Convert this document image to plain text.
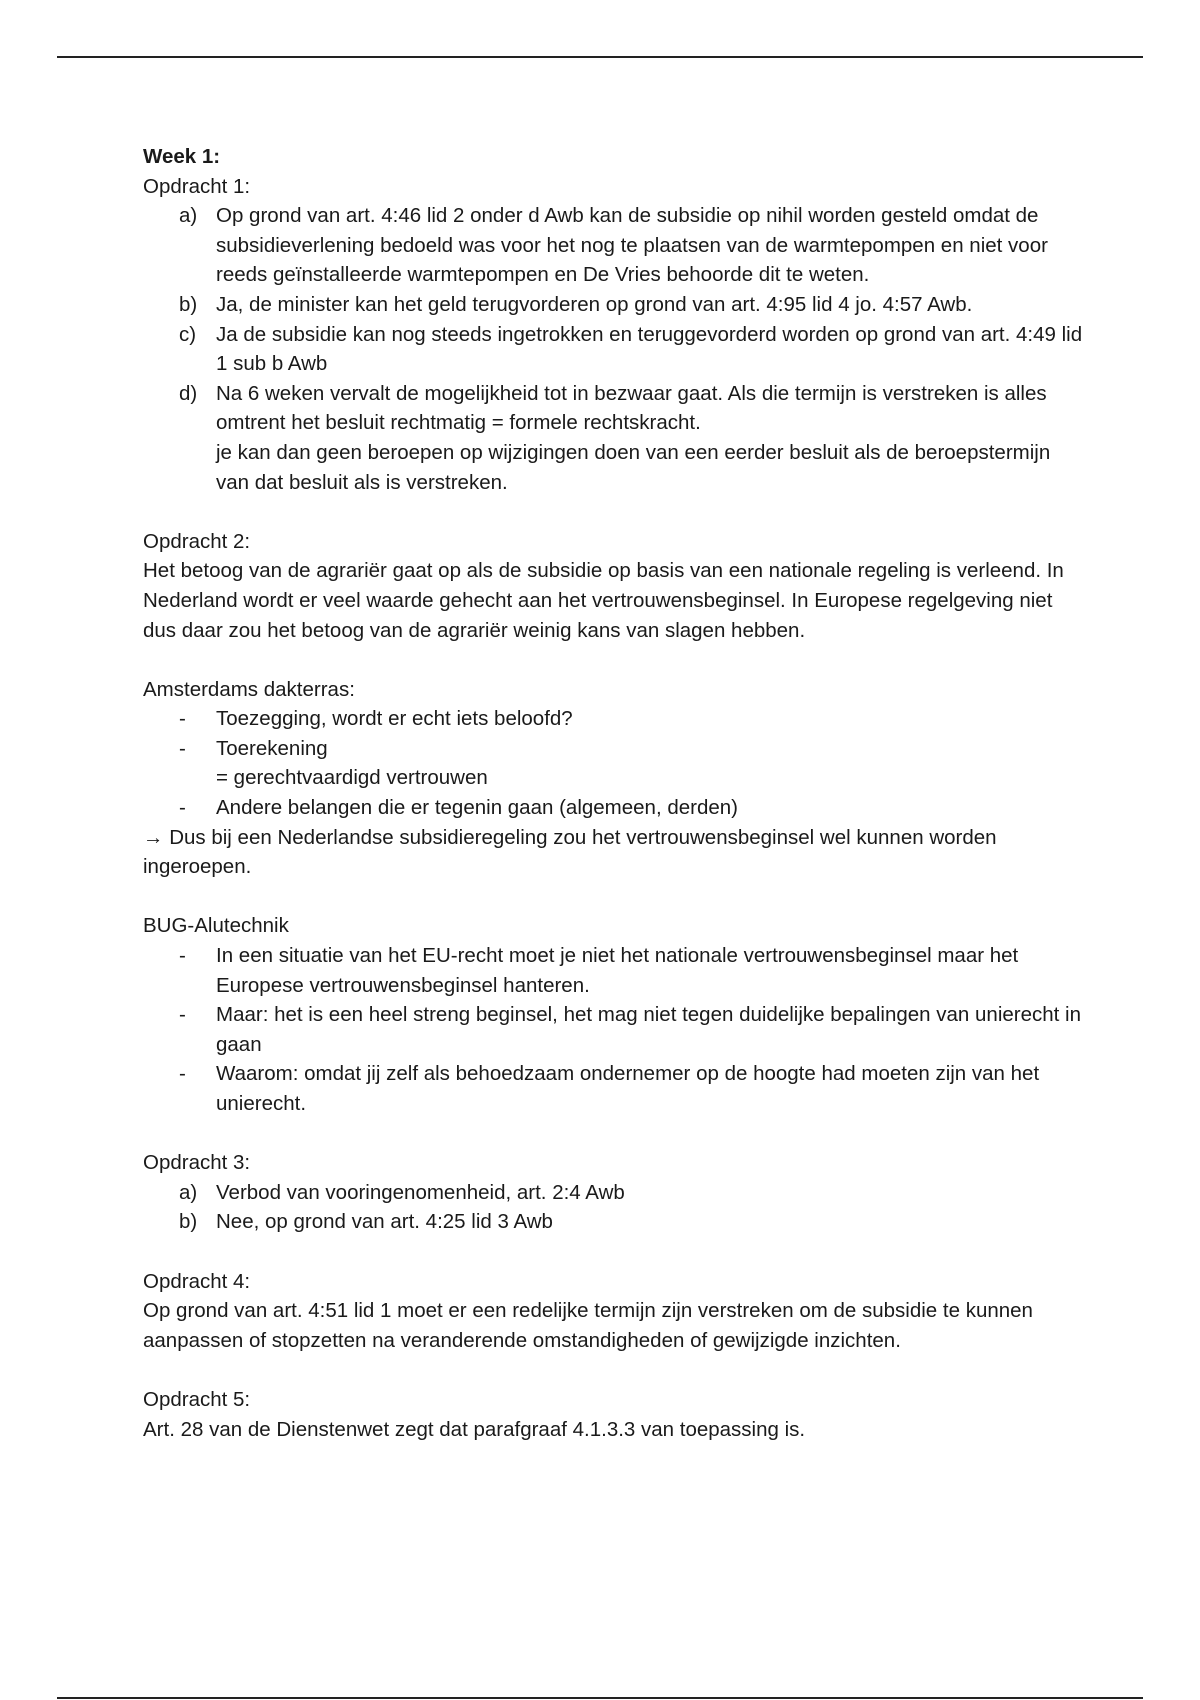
Week 1:

Opdracht 1:

a) Op grond van art. 4:46 lid 2 onder d Awb kan de subsidie op nihil worden gesteld omdat de subsidieverlening bedoeld was voor het nog te plaatsen van de warmtepompen en niet voor reeds geïnstalleerde warmtepompen en De Vries behoorde dit te weten.
b) Ja, de minister kan het geld terugvorderen op grond van art. 4:95 lid 4 jo. 4:57 Awb.
c) Ja de subsidie kan nog steeds ingetrokken en teruggevorderd worden op grond van art. 4:49 lid 1 sub b Awb
d) Na 6 weken vervalt de mogelijkheid tot in bezwaar gaat. Als die termijn is verstreken is alles omtrent het besluit rechtmatig = formele rechtskracht.

je kan dan geen beroepen op wijzigingen doen van een eerder besluit als de beroepstermijn van dat besluit als is verstreken.

Opdracht 2:

Het betoog van de agrariër gaat op als de subsidie op basis van een nationale regeling is verleend. In Nederland wordt er veel waarde gehecht aan het vertrouwensbeginsel. In Europese regelgeving niet dus daar zou het betoog van de agrariër weinig kans van slagen hebben.

Amsterdams dakterras:

- Toezegging, wordt er echt iets beloofd?
- Toerekening

= gerechtvaardigd vertrouwen

- Andere belangen die er tegenin gaan (algemeen, derden)

→ Dus bij een Nederlandse subsidieregeling zou het vertrouwensbeginsel wel kunnen worden ingeroepen.

BUG-Alutechnik

- In een situatie van het EU-recht moet je niet het nationale vertrouwensbeginsel maar het Europese vertrouwensbeginsel hanteren.
- Maar: het is een heel streng beginsel, het mag niet tegen duidelijke bepalingen van unierecht in gaan
- Waarom: omdat jij zelf als behoedzaam ondernemer op de hoogte had moeten zijn van het unierecht.

Opdracht 3:

a) Verbod van vooringenomenheid, art. 2:4 Awb
b) Nee, op grond van art. 4:25 lid 3 Awb

Opdracht 4:

Op grond van art. 4:51 lid 1 moet er een redelijke termijn zijn verstreken om de subsidie te kunnen aanpassen of stopzetten na veranderende omstandigheden of gewijzigde inzichten.

Opdracht 5:

Art. 28 van de Dienstenwet zegt dat parafgraaf 4.1.3.3 van toepassing is.
